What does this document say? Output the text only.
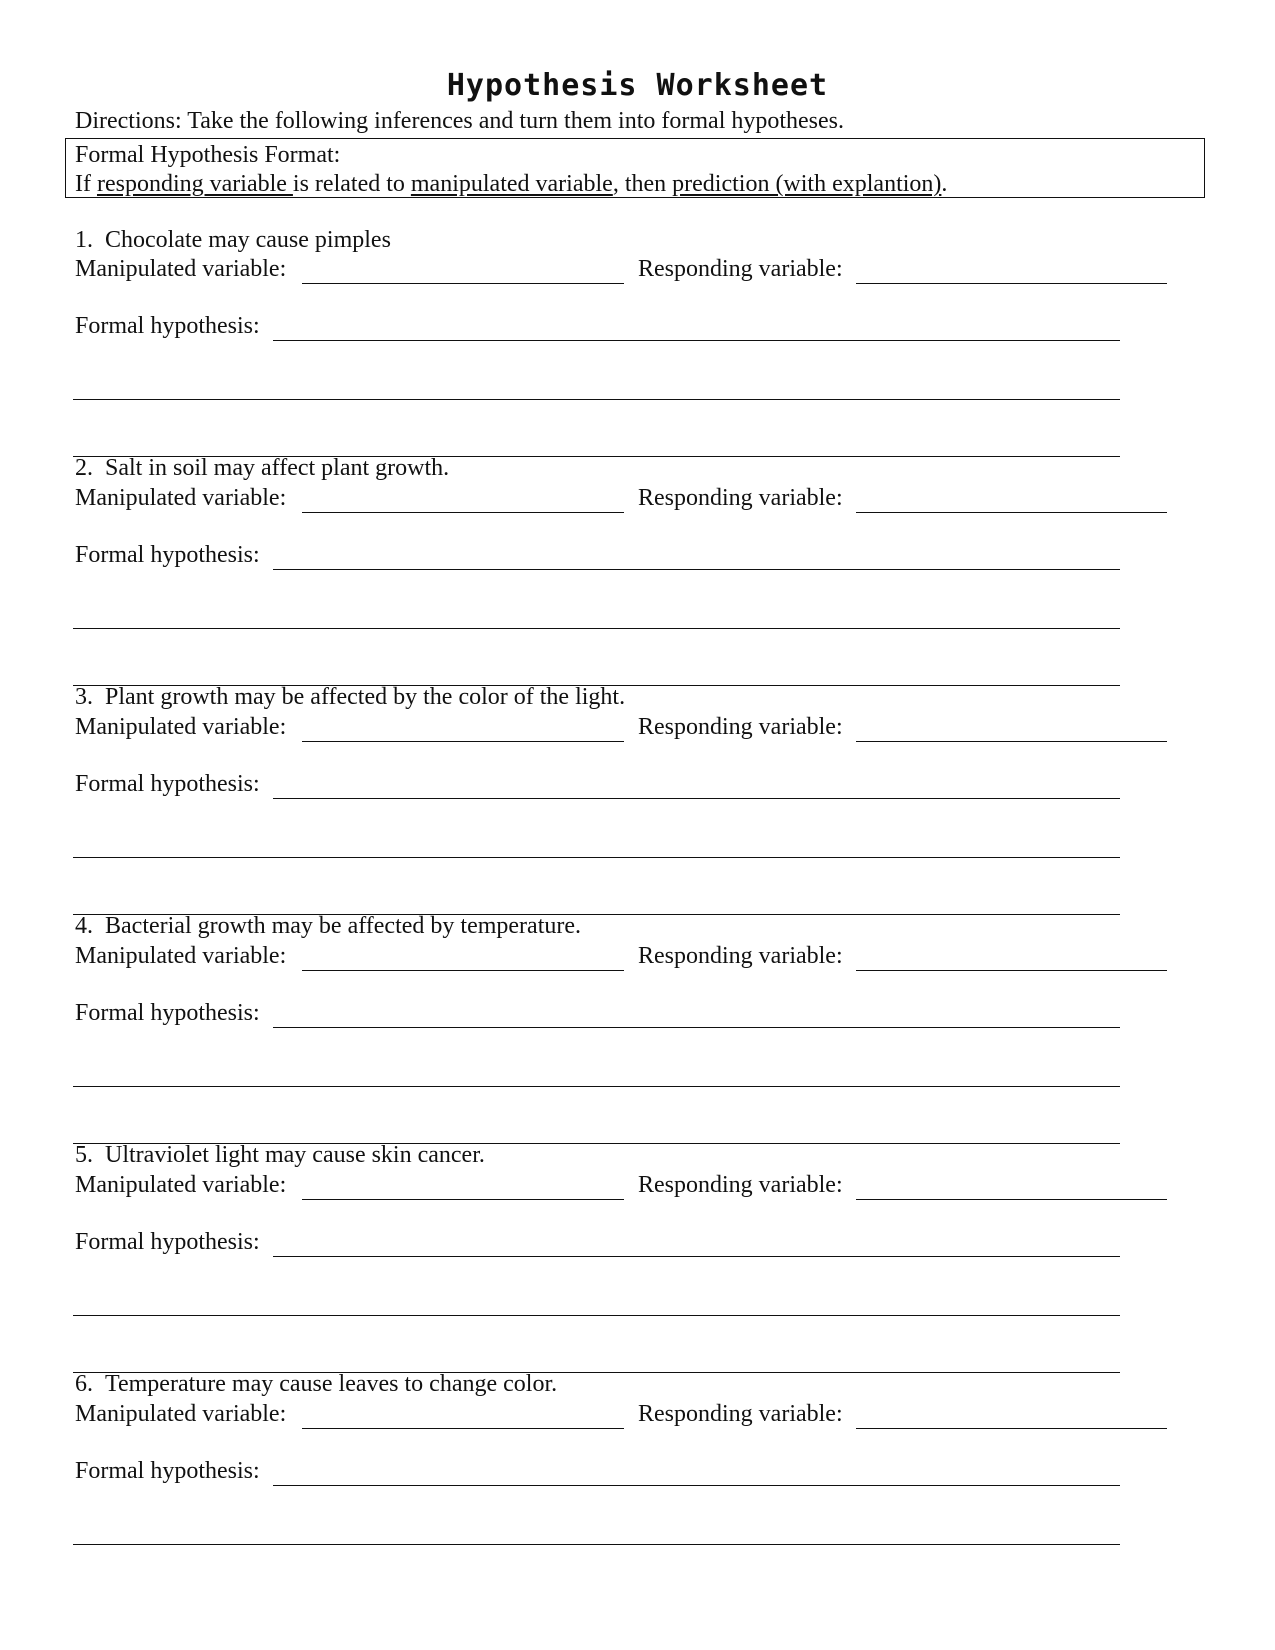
Hypothesis Worksheet
Directions: Take the following inferences and turn them into formal hypotheses.
Formal Hypothesis Format:
If responding variable is related to manipulated variable, then prediction (with explantion).
1. Chocolate may cause pimples
Manipulated variable:	Responding variable:
Formal hypothesis:
2. Salt in soil may affect plant growth.
Manipulated variable:	Responding variable:
Formal hypothesis:
3. Plant growth may be affected by the color of the light.
Manipulated variable:	Responding variable:
Formal hypothesis:
4. Bacterial growth may be affected by temperature.
Manipulated variable:	Responding variable:
Formal hypothesis:
5. Ultraviolet light may cause skin cancer.
Manipulated variable:	Responding variable:
Formal hypothesis:
6. Temperature may cause leaves to change color.
Manipulated variable:	Responding variable:
Formal hypothesis:
